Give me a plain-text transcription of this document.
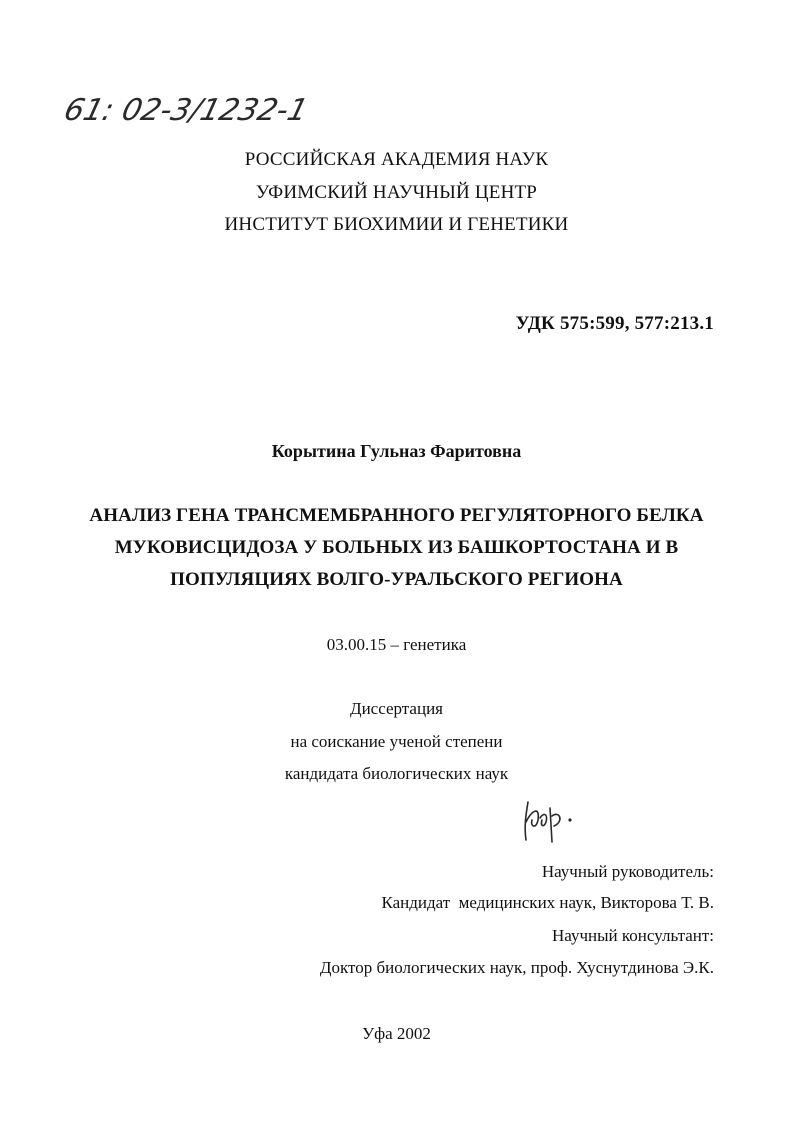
61: 02-3/1232-1

РОССИЙСКАЯ АКАДЕМИЯ НАУК

УФИМСКИЙ НАУЧНЫЙ ЦЕНТР

ИНСТИТУТ БИОХИМИИ И ГЕНЕТИКИ

УДК 575:599, 577:213.1

Корытина Гульназ Фаритовна

АНАЛИЗ ГЕНА ТРАНСМЕМБРАННОГО РЕГУЛЯТОРНОГО БЕЛКА

МУКОВИСЦИДОЗА У БОЛЬНЫХ ИЗ БАШКОРТОСТАНА И В

ПОПУЛЯЦИЯХ ВОЛГО-УРАЛЬСКОГО РЕГИОНА

03.00.15 – генетика

Диссертация

на соискание ученой степени

кандидата биологических наук

Научный руководитель:

Кандидат  медицинских наук, Викторова Т. В.

Научный консультант:

Доктор биологических наук, проф. Хуснутдинова Э.К.

Уфа 2002
